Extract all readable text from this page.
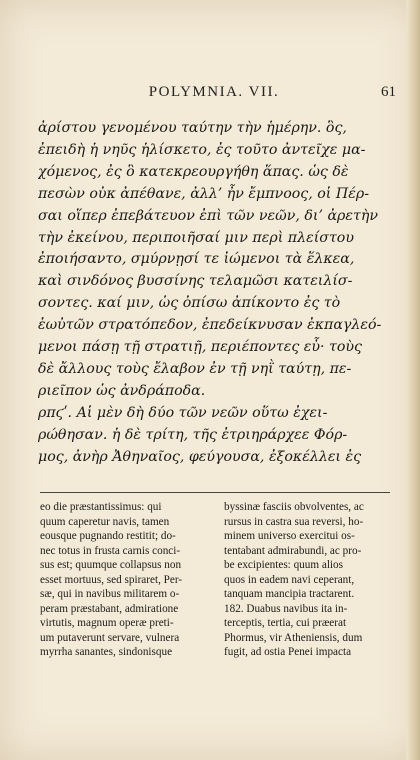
POLYMNIA. VII.	61
ἀρίστου γενομένου ταύτην τὴν ἡμέρην. ὃς,
ἐπειδὴ ἡ νηῦς ἡλίσκετο, ἐς τοῦτο ἀντεῖχε μα-
χόμενος, ἐς ὃ κατεκρεουργήθη ἅπας. ὡς δὲ
πεσὼν οὐκ ἀπέθανε, ἀλλ’ ἦν ἔμπνοος, οἱ Πέρ-
σαι οἵπερ ἐπεβάτευον ἐπὶ τῶν νεῶν, δι’ ἀρετὴν
τὴν ἐκείνου, περιποιῆσαί μιν περὶ πλείστου
ἐποιήσαντο, σμύρνῃσί τε ἰώμενοι τὰ ἕλκεα,
καὶ σινδόνος βυσσίνης τελαμῶσι κατειλίσ-
σοντες. καί μιν, ὡς ὀπίσω ἀπίκοντο ἐς τὸ
ἑωὐτῶν στρατόπεδον, ἐπεδείκνυσαν ἐκπαγλεό-
μενοι πάσῃ τῇ στρατιῇ, περιέποντες εὖ· τοὺς
δὲ ἄλλους τοὺς ἔλαβον ἐν τῇ νηῒ ταύτῃ, πε-
ριεῖπον ὡς ἀνδράποδα.
ρπϛʹ. Αἱ μὲν δὴ δύο τῶν νεῶν οὕτω ἐχει-
ρώθησαν. ἡ δὲ τρίτη, τῆς ἐτριηράρχεε Φόρ-
μος, ἀνὴρ Ἀθηναῖος, φεύγουσα, ἐξοκέλλει ἐς
eo die præstantissimus: qui
quum caperetur navis, tamen
eousque pugnando restitit; do-
nec totus in frusta carnis conci-
sus est; quumque collapsus non
esset mortuus, sed spiraret, Per-
sæ, qui in navibus militarem o-
peram præstabant, admiratione
virtutis, magnum operæ preti-
um putaverunt servare, vulnera
myrrha sanantes, sindonisque
byssinæ fasciis obvolventes, ac
rursus in castra sua reversi, ho-
minem universo exercitui os-
tentabant admirabundi, ac pro-
be excipientes: quum alios
quos in eadem navi ceperant,
tanquam mancipia tractarent.
182. Duabus navibus ita in-
terceptis, tertia, cui præerat
Phormus, vir Atheniensis, dum
fugit, ad ostia Penei impacta
